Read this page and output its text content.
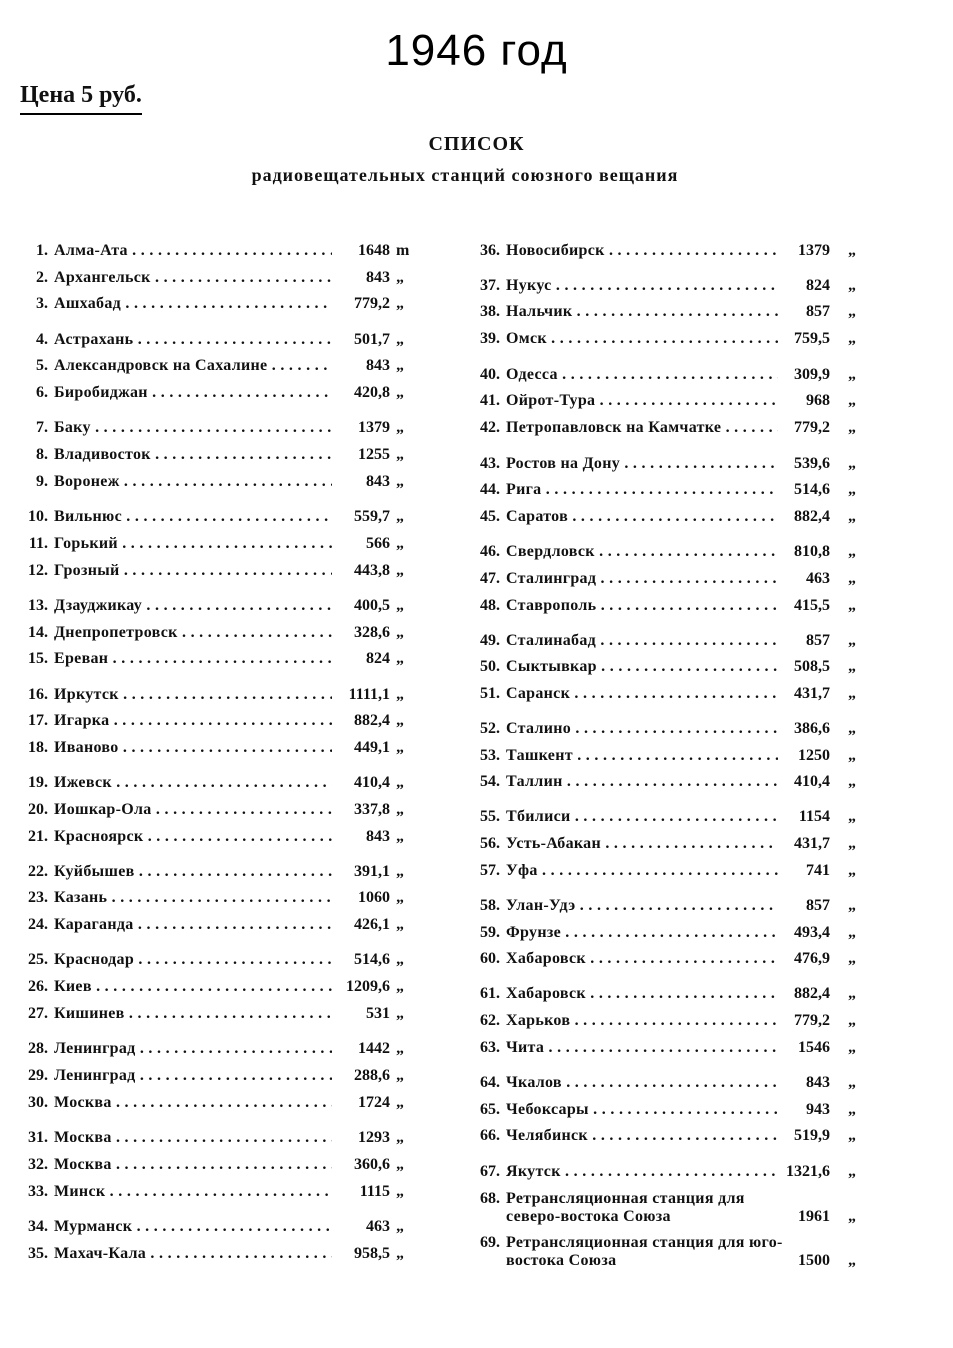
1946 год
Цена 5 руб.
СПИСОК
радиовещательных станций союзного вещания
1. Алма-Ата . . .	1648 m
2. Архангельск . . .	843 „
3. Ашхабад . . .	779,2 „
4. Астрахань . . .	501,7 „
5. Александровск на Сахалине . . .	843 „
6. Биробиджан . . .	420,8 „
7. Баку . . .	1379 „
8. Владивосток . . .	1255 „
9. Воронеж . . .	843 „
10. Вильнюс . . .	559,7 „
11. Горький . . .	566 „
12. Грозный . . .	443,8 „
13. Дзауджикау . . .	400,5 „
14. Днепропетровск . . .	328,6 „
15. Ереван . . .	824 „
16. Иркутск . . .	1111,1 „
17. Игарка . . .	882,4 „
18. Иваново . . .	449,1 „
19. Ижевск . . .	410,4 „
20. Иошкар-Ола . . .	337,8 „
21. Красноярск . . .	843 „
22. Куйбышев . . .	391,1 „
23. Казань . . .	1060 „
24. Караганда . . .	426,1 „
25. Краснодар . . .	514,6 „
26. Киев . . .	1209,6 „
27. Кишинев . . .	531 „
28. Ленинград . . .	1442 „
29. Ленинград . . .	288,6 „
30. Москва . . .	1724 „
31. Москва . . .	1293 „
32. Москва . . .	360,6 „
33. Минск . . .	1115 „
34. Мурманск . . .	463 „
35. Махач-Кала . . .	958,5 „
36. Новосибирск . . .	1379 „
37. Нукус . . .	824 „
38. Нальчик . . .	857 „
39. Омск . . .	759,5 „
40. Одесса . . .	309,9 „
41. Ойрот-Тура . . .	968 „
42. Петропавловск на Камчатке . . .	779,2 „
43. Ростов на Дону . . .	539,6 „
44. Рига . . .	514,6 „
45. Саратов . . .	882,4 „
46. Свердловск . . .	810,8 „
47. Сталинград . . .	463 „
48. Ставрополь . . .	415,5 „
49. Сталинабад . . .	857 „
50. Сыктывкар . . .	508,5 „
51. Саранск . . .	431,7 „
52. Сталино . . .	386,6 „
53. Ташкент . . .	1250 „
54. Таллин . . .	410,4 „
55. Тбилиси . . .	1154 „
56. Усть-Абакан . . .	431,7 „
57. Уфа . . .	741 „
58. Улан-Удэ . . .	857 „
59. Фрунзе . . .	493,4 „
60. Хабаровск . . .	476,9 „
61. Хабаровск . . .	882,4 „
62. Харьков . . .	779,2 „
63. Чита . . .	1546 „
64. Чкалов . . .	843 „
65. Чебоксары . . .	943 „
66. Челябинск . . .	519,9 „
67. Якутск . . .	1321,6 „
68. Ретрансляционная станция для северо-востока Союза	1961 „
69. Ретрансляционная станция для юго-востока Союза	1500 „
